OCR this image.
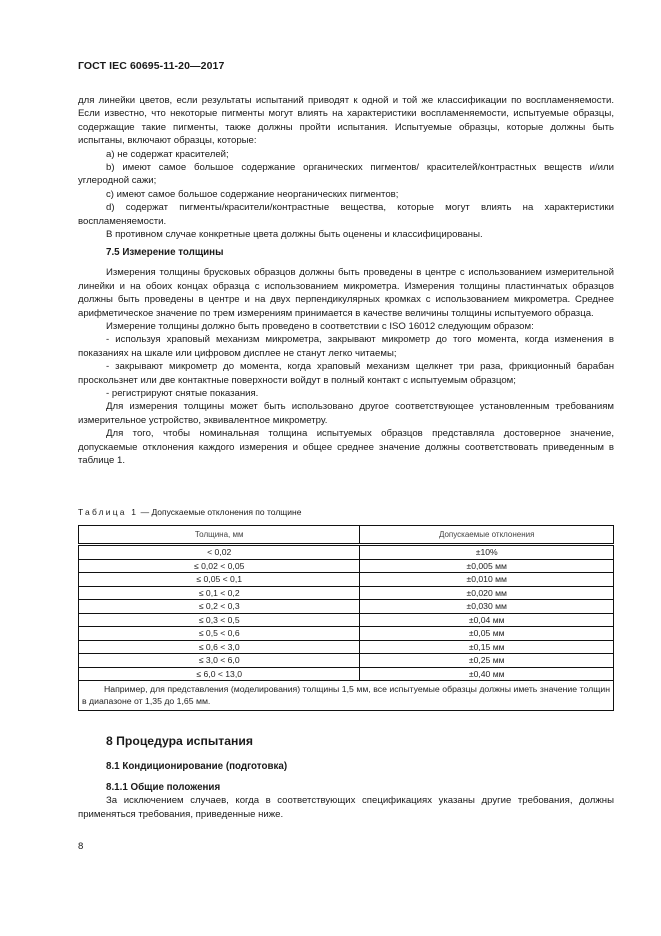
ГОСТ IEC 60695-11-20—2017

для линейки цветов, если результаты испытаний приводят к одной и той же классификации по воспламеняемости. Если известно, что некоторые пигменты могут влиять на характеристики воспламеняемости, испытуемые образцы, содержащие такие пигменты, также должны пройти испытания. Испытуемые образцы, которые должны быть испытаны, включают образцы, которые:

а) не содержат красителей;

b) имеют самое большое содержание органических пигментов/ красителей/контрастных веществ и/или углеродной сажи;

с) имеют самое большое содержание неорганических пигментов;

d) содержат пигменты/красители/контрастные вещества, которые могут влиять на характеристики воспламеняемости.

В противном случае конкретные цвета должны быть оценены и классифицированы.

7.5 Измерение толщины

Измерения толщины брусковых образцов должны быть проведены в центре с использованием измерительной линейки и на обоих концах образца с использованием микрометра. Измерения толщины пластинчатых образцов должны быть проведены в центре и на двух перпендикулярных кромках с использованием микрометра. Среднее арифметическое значение по трем измерениям принимается в качестве величины толщины испытуемого образца.

Измерение толщины должно быть проведено в соответствии с ISO 16012 следующим образом:

- используя храповый механизм микрометра, закрывают микрометр до того момента, когда изменения в показаниях на шкале или цифровом дисплее не станут легко читаемы;

- закрывают микрометр до момента, когда храповый механизм щелкнет три раза, фрикционный барабан проскользнет или две контактные поверхности войдут в полный контакт с испытуемым образцом;

- регистрируют снятые показания.

Для измерения толщины может быть использовано другое соответствующее установленным требованиям измерительное устройство, эквивалентное микрометру.

Для того, чтобы номинальная толщина испытуемых образцов представляла достоверное значение, допускаемые отклонения каждого измерения и общее среднее значение должны соответствовать приведенным в таблице 1.

Таблица 1 — Допускаемые отклонения по толщине
Толщина, мм	Допускаемые отклонения
< 0,02	±10%
≤ 0,02 < 0,05	±0,005 мм
≤ 0,05 < 0,1	±0,010 мм
≤ 0,1 < 0,2	±0,020 мм
≤ 0,2 < 0,3	±0,030 мм
≤ 0,3 < 0,5	±0,04 мм
≤ 0,5 < 0,6	±0,05 мм
≤ 0,6 < 3,0	±0,15 мм
≤ 3,0 < 6,0	±0,25 мм
≤ 6,0 < 13,0	±0,40 мм

Например, для представления (моделирования) толщины 1,5 мм, все испытуемые образцы должны иметь значение толщин в диапазоне от 1,35 до 1,65 мм.	

8 Процедура испытания

8.1 Кондиционирование (подготовка)

8.1.1 Общие положения

За исключением случаев, когда в соответствующих спецификациях указаны другие требования, должны применяться требования, приведенные ниже.

8
